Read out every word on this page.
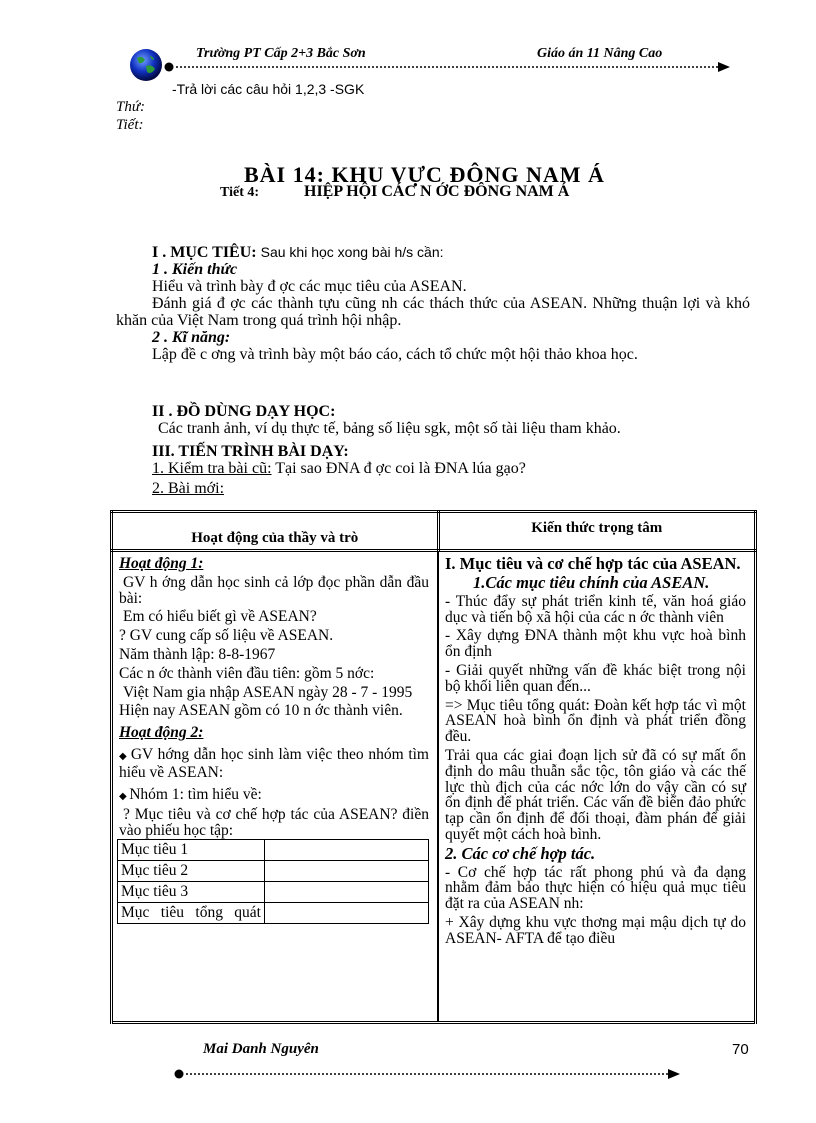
Trường PT Cấp 2+3 Bắc Sơn	Giáo án 11 Nâng Cao
-Trả lời các câu hỏi 1,2,3 -SGK
Thứ:
Tiết:
BÀI 14: KHU VỰC ĐÔNG NAM Á
Tiết 4:	HIỆP HỘI CÁC N ỚC ĐÔNG NAM Á
I . MỤC TIÊU: Sau khi học xong bài h/s cần:
1 . Kiến thức
Hiểu và trình bày đ ợc các mục tiêu của ASEAN.
Đánh giá đ ợc các thành tựu cũng nh các thách thức của ASEAN. Những thuận lợi và khó khăn của Việt Nam trong quá trình hội nhập.
2 . Kĩ năng:
Lập đề c ơng và trình bày một báo cáo, cách tổ chức một hội thảo khoa học.
II . ĐỒ DÙNG DẠY HỌC:
Các tranh ảnh, ví dụ thực tế, bảng số liệu sgk, một số tài liệu tham khảo.
III. TIẾN TRÌNH BÀI DẠY:
1. Kiểm tra bài cũ: Tại sao ĐNA đ ợc coi là ĐNA lúa gạo?
2. Bài mới:
Hoạt động của thầy và trò	Kiến thức trọng tâm

Hoạt động 1:

GV h ớng dẫn học sinh cả lớp đọc phần dẫn đầu bài:

Em có hiểu biết gì về ASEAN?

? GV cung cấp số liệu về ASEAN.

Năm thành lập: 8-8-1967

Các n ớc thành viên đầu tiên: gồm 5 nớc:

Việt Nam gia nhập ASEAN ngày 28 - 7 - 1995

Hiện nay ASEAN gồm có 10 n ớc thành viên.

Hoạt động 2:

◆ GV hớng dẫn học sinh làm việc theo nhóm tìm hiểu về ASEAN:

◆ Nhóm 1: tìm hiểu về:

? Mục tiêu và cơ chế hợp tác của ASEAN? điền vào phiếu học tập:

Mục tiêu 1	
Mục tiêu 2	
Mục tiêu 3	
Mục tiêu tổng quát	

I. Mục tiêu và cơ chế hợp tác của ASEAN.

1.Các mục tiêu chính của ASEAN.

- Thúc đẩy sự phát triển kinh tế, văn hoá giáo dục và tiến bộ xã hội của các n ớc thành viên

- Xây dựng ĐNA thành một khu vực hoà bình ổn định

- Giải quyết những vấn đề khác biệt trong nội bộ khối liên quan đến...

=> Mục tiêu tổng quát: Đoàn kết hợp tác vì một ASEAN hoà bình ổn định và phát triển đồng đều.

Trải qua các giai đoạn lịch sử đã có sự mất ổn định do mâu thuẫn sắc tộc, tôn giáo và các thế lực thù địch của các nớc lớn do vậy cần có sự ổn định để phát triển. Các vấn đề biển đảo phức tạp cần ổn định để đối thoại, đàm phán để giải quyết một cách hoà bình.

2. Các cơ chế hợp tác.

- Cơ chế hợp tác rất phong phú và đa dạng nhằm đảm bảo thực hiện có hiệu quả mục tiêu đặt ra của ASEAN nh:

+ Xây dựng khu vực thơng mại mậu dịch tự do ASEAN- AFTA để tạo điều

Mai Danh Nguyên	70
